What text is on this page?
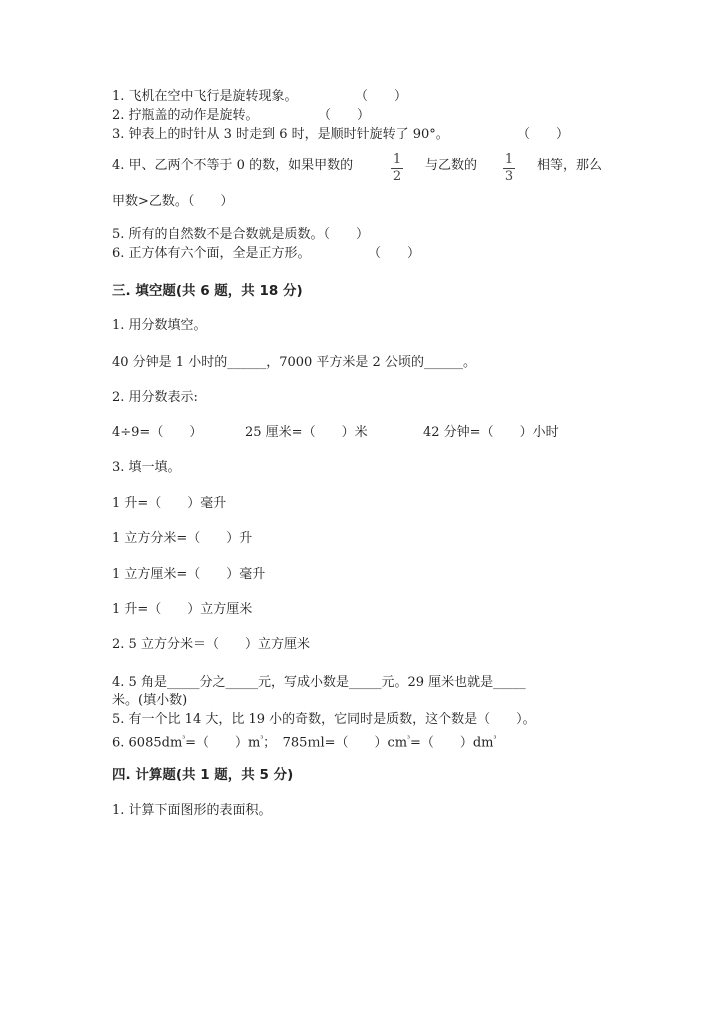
1. 飞机在空中飞行是旋转现象。	（　　）
2. 拧瓶盖的动作是旋转。	（　　）
3. 钟表上的时针从 3 时走到 6 时，是顺时针旋转了 90°。	（　　）
4. 甲、乙两个不等于 0 的数，如果甲数的	1
2
与乙数的 1
3
相等，那么
甲数>乙数。（　　）
5. 所有的自然数不是合数就是质数。（　　）
6. 正方体有六个面，全是正方形。	（　　）
三. 填空题(共 6 题，共 18 分)
1. 用分数填空。
40 分钟是 1 小时的______，7000 平方米是 2 公顷的______。
2. 用分数表示:
4÷9=（　　）	25 厘米=（　　）米	42 分钟=（　　）小时
3. 填一填。
1 升=（　　）毫升
1 立方分米=（　　）升
1 立方厘米=（　　）毫升
1 升=（　　）立方厘米
2. 5 立方分米＝（　　）立方厘米
4. 5 角是_____分之_____元，写成小数是_____元。29 厘米也就是_____
米。(填小数)
5. 有一个比 14 大，比 19 小的奇数，它同时是质数，这个数是（　　）。
6. $6085dm^{^3}=$（　　）$m^{^3}$；　785ｍl=（　　）$cm^{^3}=$（　　）$dm^{^3}$
四. 计算题(共 1 题，共 5 分)
1. 计算下面图形的表面积。
